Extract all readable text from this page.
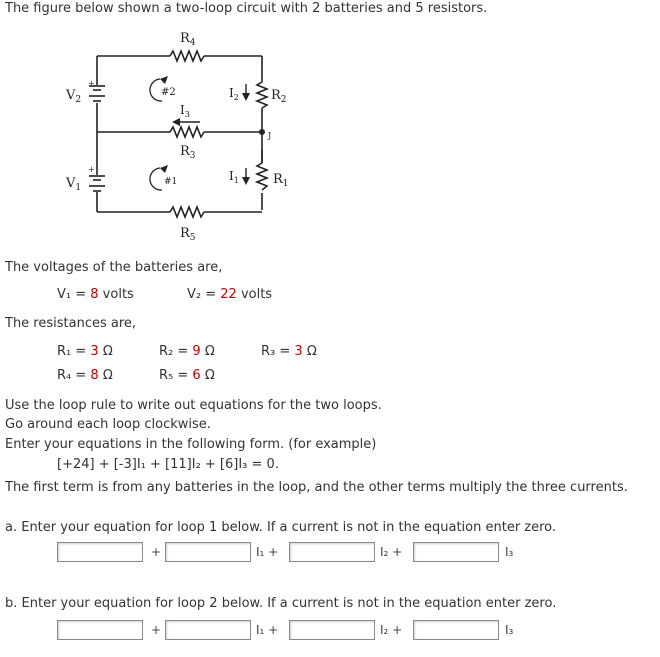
The figure below shown a two-loop circuit with 2 batteries and 5 resistors.
$R_4$
$R_2$
$R_3$
$R_1$
$R_5$
$V_2$
$V_1$
$I_2$
$I_1$
$I_3$
#2
#1
J
+
+
The voltages of the batteries are,
V₁ = 8 volts	V₂ = 22 volts
The resistances are,
R₁ = 3 Ω	R₂ = 9 Ω	R₃ = 3 Ω
R₄ = 8 Ω	R₅ = 6 Ω
Use the loop rule to write out equations for the two loops.
Go around each loop clockwise.
Enter your equations in the following form. (for example)
[+24] + [-3]I₁ + [11]I₂ + [6]I₃ = 0.
The first term is from any batteries in the loop, and the other terms multiply the three currents.
a. Enter your equation for loop 1 below. If a current is not in the equation enter zero.
+	I₁ +	I₂ +	I₃
b. Enter your equation for loop 2 below. If a current is not in the equation enter zero.
+	I₁ +	I₂ +	I₃
